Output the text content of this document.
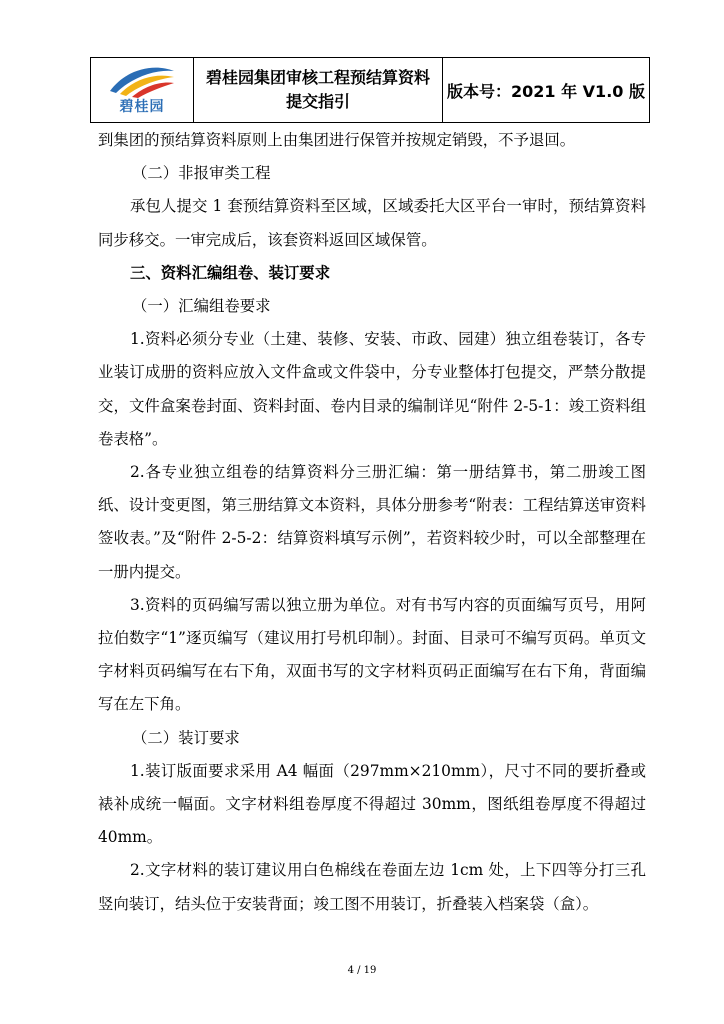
碧桂园

碧桂园集团审核工程预结算资料
提交指引
	版本号：2021 年 V1.0 版

到集团的预结算资料原则上由集团进行保管并按规定销毁，不予退回。

（二）非报审类工程

承包人提交 1 套预结算资料至区域，区域委托大区平台一审时，预结算资料同步移交。一审完成后，该套资料返回区域保管。

三、资料汇编组卷、装订要求

（一）汇编组卷要求

1.资料必须分专业（土建、装修、安装、市政、园建）独立组卷装订，各专业装订成册的资料应放入文件盒或文件袋中，分专业整体打包提交，严禁分散提交，文件盒案卷封面、资料封面、卷内目录的编制详见“附件 2-5-1：竣工资料组卷表格”。

2.各专业独立组卷的结算资料分三册汇编：第一册结算书，第二册竣工图纸、设计变更图，第三册结算文本资料，具体分册参考“附表：工程结算送审资料签收表。”及“附件 2-5-2：结算资料填写示例”，若资料较少时，可以全部整理在一册内提交。

3.资料的页码编写需以独立册为单位。对有书写内容的页面编写页号，用阿拉伯数字“1”逐页编写（建议用打号机印制）。封面、目录可不编写页码。单页文字材料页码编写在右下角，双面书写的文字材料页码正面编写在右下角，背面编写在左下角。

（二）装订要求

1.装订版面要求采用 A4 幅面（297mm×210mm），尺寸不同的要折叠或裱补成统一幅面。文字材料组卷厚度不得超过 30mm，图纸组卷厚度不得超过 40mm。

2.文字材料的装订建议用白色棉线在卷面左边 1cm 处，上下四等分打三孔竖向装订，结头位于安装背面；竣工图不用装订，折叠装入档案袋（盒）。

4 / 19
